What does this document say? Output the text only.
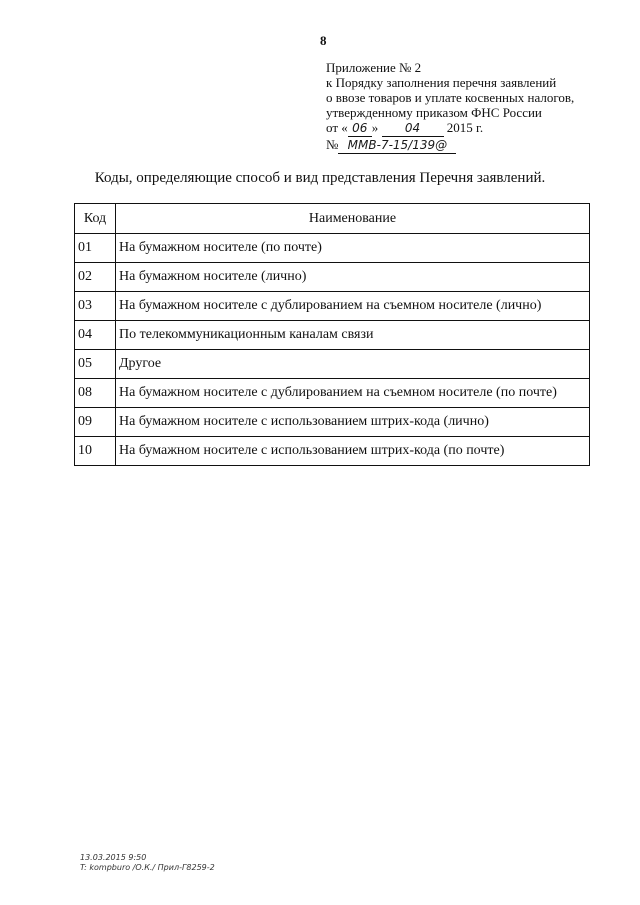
8
Приложение № 2
к Порядку заполнения перечня заявлений
о ввозе товаров и уплате косвенных налогов,
утвержденному приказом ФНС России
от « 06 » 04 2015 г.
№ ММВ-7-15/139@
Коды, определяющие способ и вид представления Перечня заявлений.
Код	Наименование
01	На бумажном носителе (по почте)
02	На бумажном носителе (лично)
03	На бумажном носителе с дублированием на съемном носителе (лично)
04	По телекоммуникационным каналам связи
05	Другое
08	На бумажном носителе с дублированием на съемном носителе (по почте)
09	На бумажном носителе с использованием штрих-кода (лично)
10	На бумажном носителе с использованием штрих-кода (по почте)
13.03.2015 9:50
T: kompburo /О.К./ Прил-Г8259-2
